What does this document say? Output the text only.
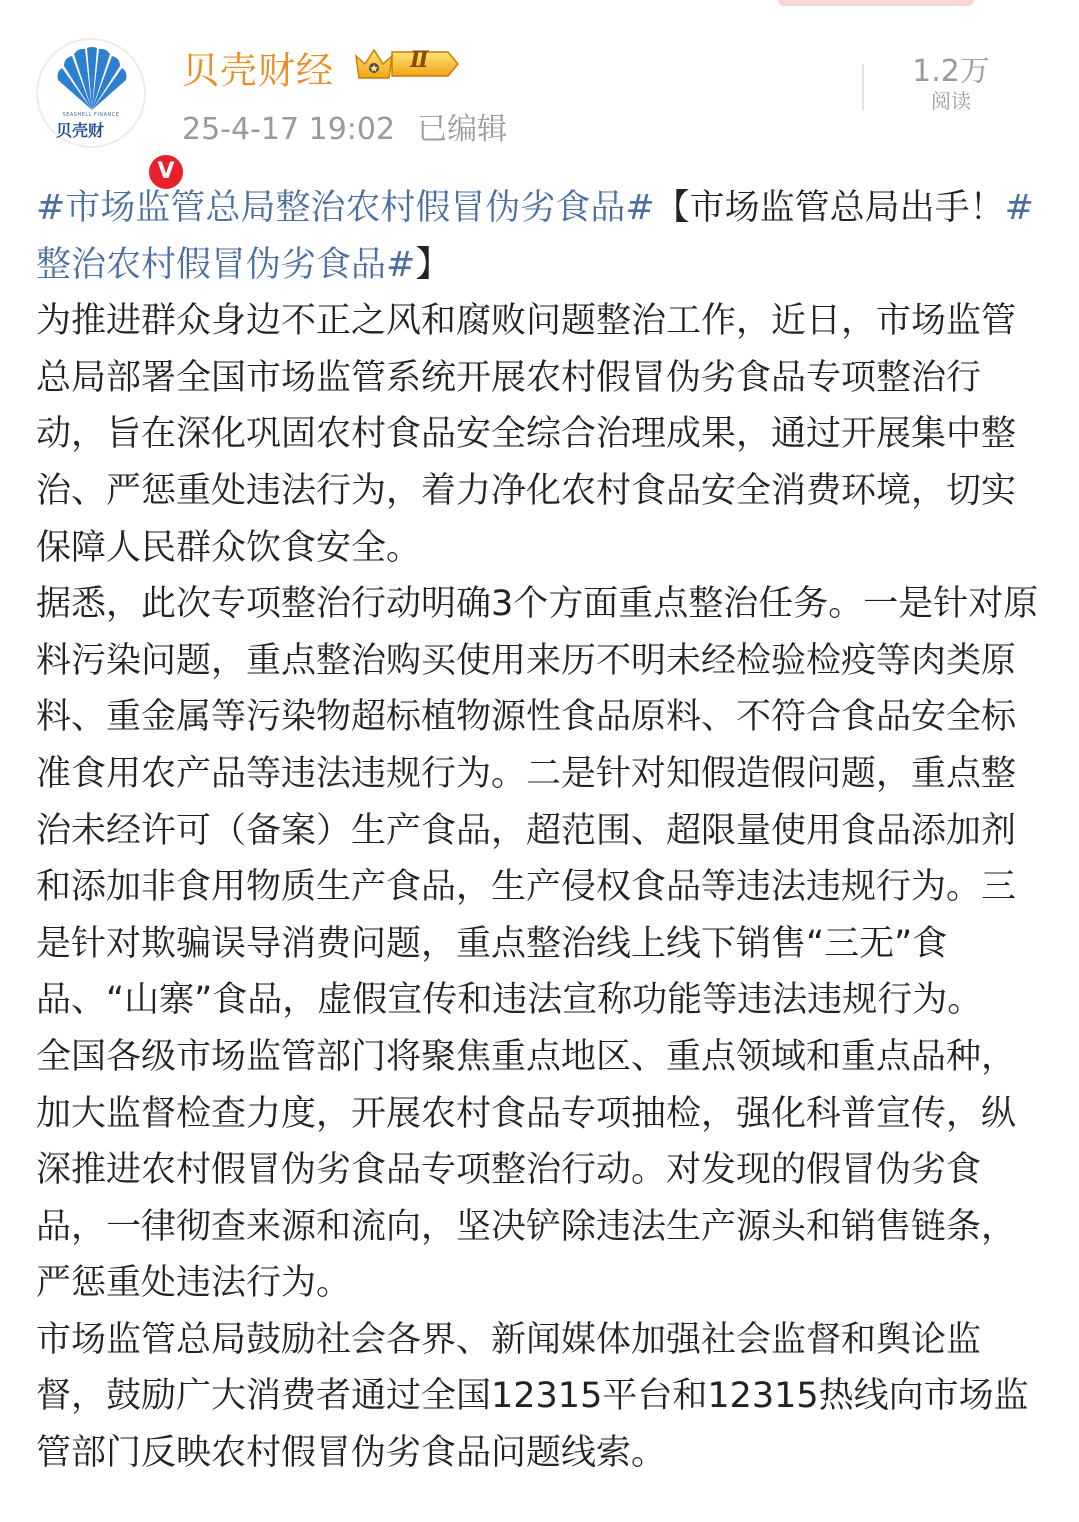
SEASHELL FINANCE
贝壳财
V
贝壳财经	Ⅱ
25-4-17 19:02 已编辑
1.2万
阅读

#市场监管总局整治农村假冒伪劣食品#【市场监管总局出手！#整治农村假冒伪劣食品#】

为推进群众身边不正之风和腐败问题整治工作，近日，市场监管总局部署全国市场监管系统开展农村假冒伪劣食品专项整治行动，旨在深化巩固农村食品安全综合治理成果，通过开展集中整治、严惩重处违法行为，着力净化农村食品安全消费环境，切实保障人民群众饮食安全。

据悉，此次专项整治行动明确3个方面重点整治任务。一是针对原料污染问题，重点整治购买使用来历不明未经检验检疫等肉类原料、重金属等污染物超标植物源性食品原料、不符合食品安全标准食用农产品等违法违规行为。二是针对知假造假问题，重点整治未经许可（备案）生产食品，超范围、超限量使用食品添加剂和添加非食用物质生产食品，生产侵权食品等违法违规行为。三是针对欺骗误导消费问题，重点整治线上线下销售“三无”食品、“山寨”食品，虚假宣传和违法宣称功能等违法违规行为。

全国各级市场监管部门将聚焦重点地区、重点领域和重点品种，加大监督检查力度，开展农村食品专项抽检，强化科普宣传，纵深推进农村假冒伪劣食品专项整治行动。对发现的假冒伪劣食品，一律彻查来源和流向，坚决铲除违法生产源头和销售链条，严惩重处违法行为。

市场监管总局鼓励社会各界、新闻媒体加强社会监督和舆论监督，鼓励广大消费者通过全国12315平台和12315热线向市场监管部门反映农村假冒伪劣食品问题线索。
